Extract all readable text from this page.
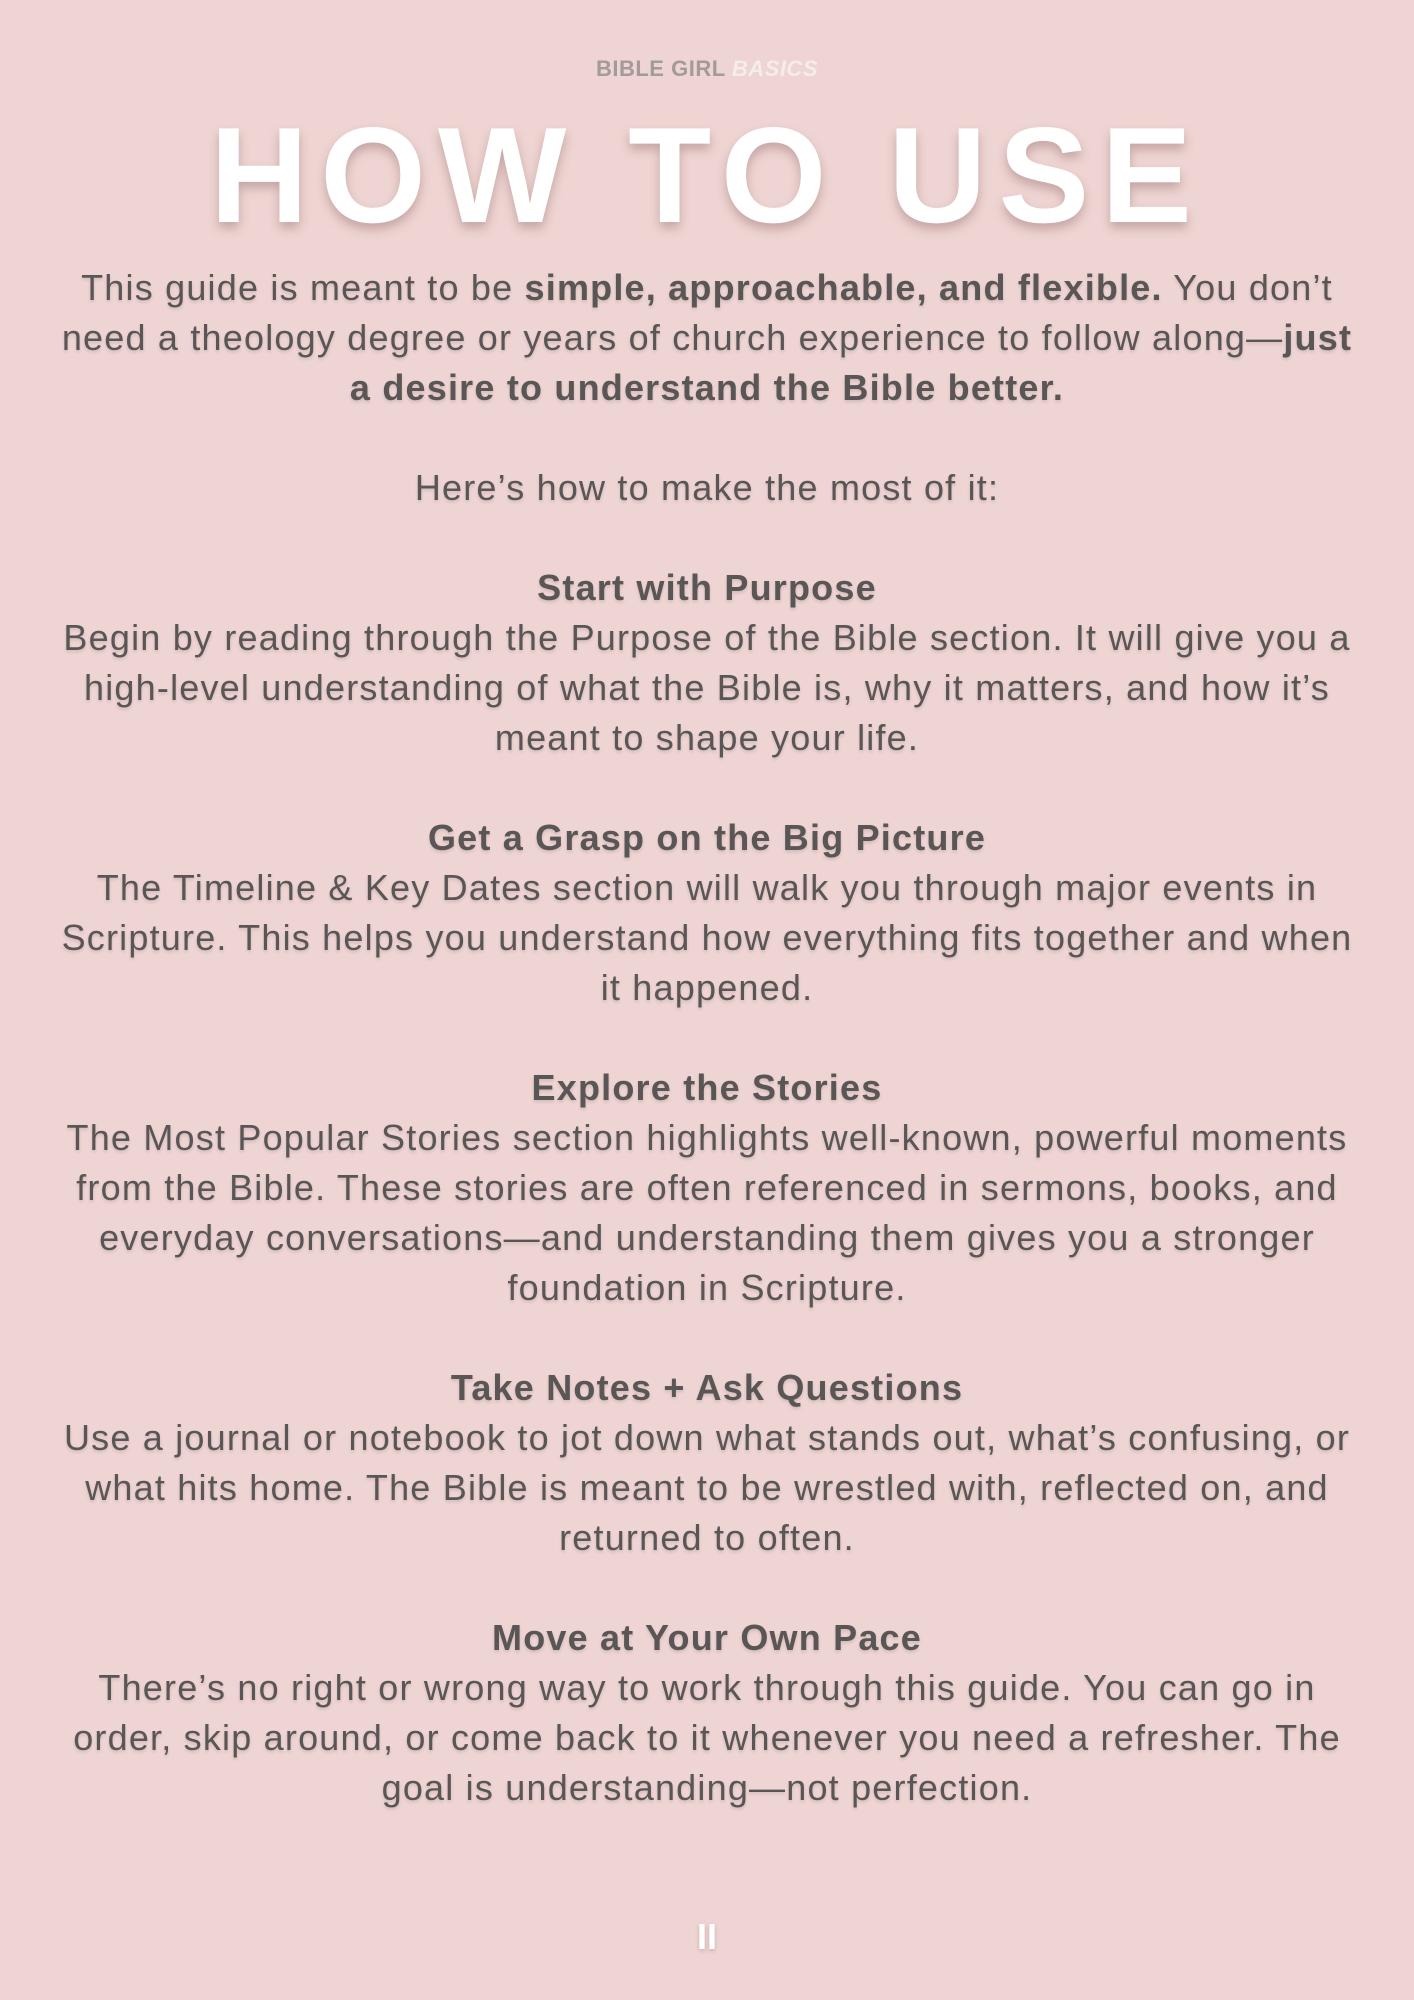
BIBLE GIRL BASICS
HOW TO USE

This guide is meant to be simple, approachable, and flexible. You don’t need a theology degree or years of church experience to follow along—just a desire to understand the Bible better.

Here’s how to make the most of it:

Start with Purpose

Begin by reading through the Purpose of the Bible section. It will give you a high-level understanding of what the Bible is, why it matters, and how it’s meant to shape your life.

Get a Grasp on the Big Picture

The Timeline & Key Dates section will walk you through major events in Scripture. This helps you understand how everything fits together and when it happened.

Explore the Stories

The Most Popular Stories section highlights well-known, powerful moments from the Bible. These stories are often referenced in sermons, books, and everyday conversations—and understanding them gives you a stronger foundation in Scripture.

Take Notes + Ask Questions

Use a journal or notebook to jot down what stands out, what’s confusing, or what hits home. The Bible is meant to be wrestled with, reflected on, and returned to often.

Move at Your Own Pace

There’s no right or wrong way to work through this guide. You can go in order, skip around, or come back to it whenever you need a refresher. The goal is understanding—not perfection.

II
